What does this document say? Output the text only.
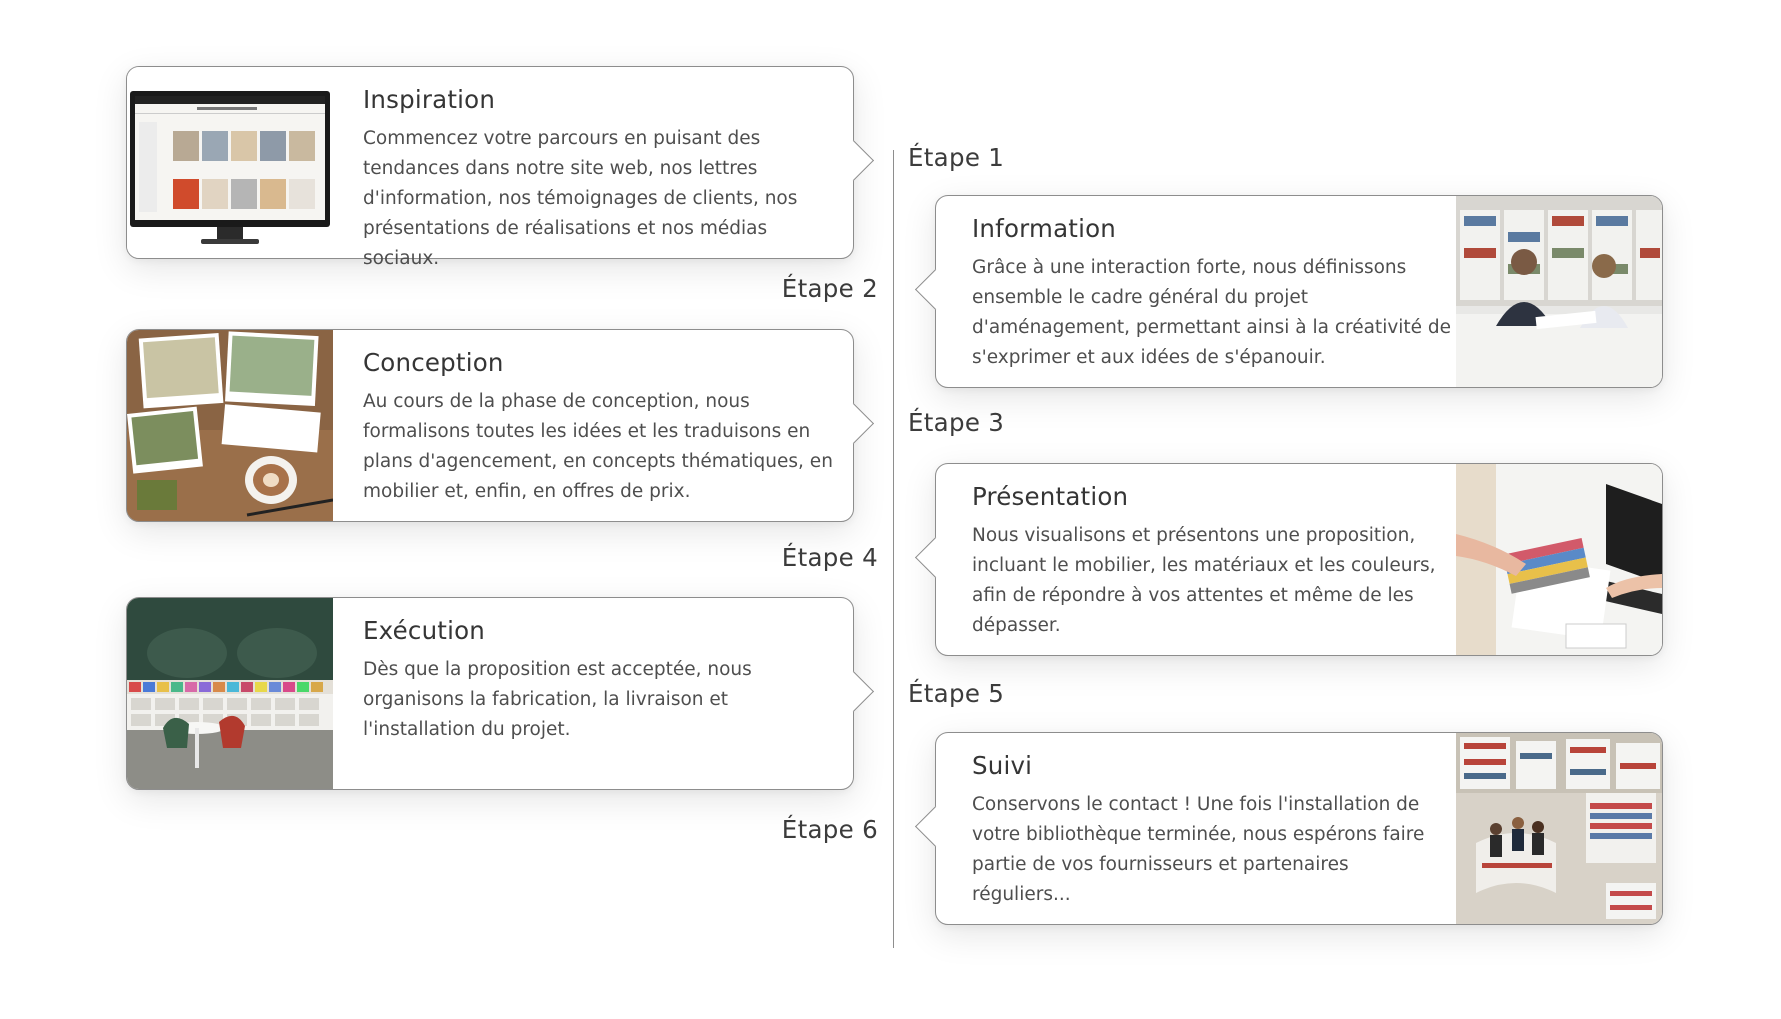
Étape 1
Étape 2
Étape 3
Étape 4
Étape 5
Étape 6
Inspiration

Commencez votre parcours en puisant des tendances dans notre site web, nos lettres d'information, nos témoignages de clients, nos présentations de réalisations et nos médias sociaux.

Information

Grâce à une interaction forte, nous définissons ensemble le cadre général du projet d'aménagement, permettant ainsi à la créativité de s'exprimer et aux idées de s'épanouir.

Conception

Au cours de la phase de conception, nous formalisons toutes les idées et les traduisons en plans d'agencement, en concepts thématiques, en mobilier et, enfin, en offres de prix.	Présentation

Nous visualisons et présentons une proposition, incluant le mobilier, les matériaux et les couleurs, afin de répondre à vos attentes et même de les dépasser.

Exécution

Dès que la proposition est acceptée, nous organisons la fabrication, la livraison et l'installation du projet.

Suivi

Conservons le contact ! Une fois l'installation de votre bibliothèque terminée, nous espérons faire partie de vos fournisseurs et partenaires réguliers...
